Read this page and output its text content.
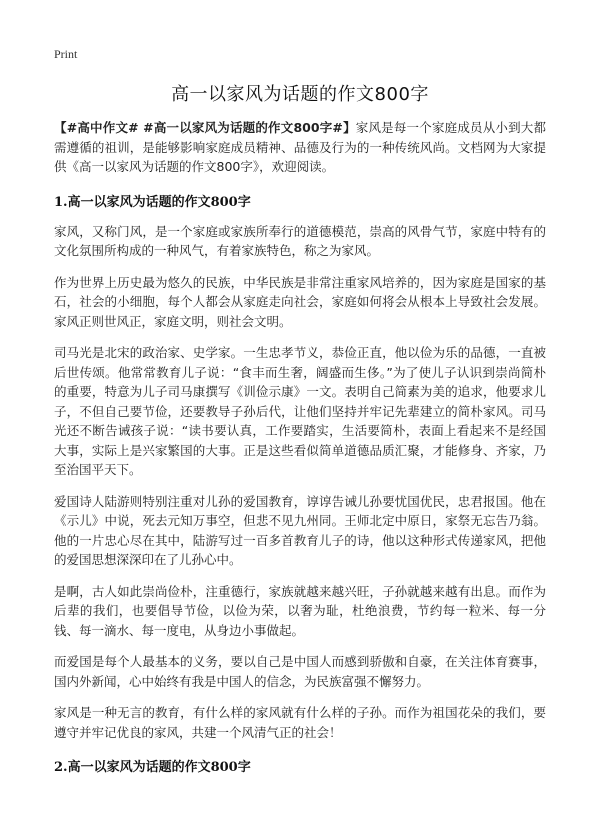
Print
高一以家风为话题的作文800字

【#高中作文# #高一以家风为话题的作文800字#】家风是每一个家庭成员从小到大都需遵循的祖训，是能够影响家庭成员精神、品德及行为的一种传统风尚。文档网为大家提供《高一以家风为话题的作文800字》，欢迎阅读。

1.高一以家风为话题的作文800字

家风，又称门风，是一个家庭或家族所奉行的道德模范，崇高的风骨气节，家庭中特有的文化氛围所构成的一种风气，有着家族特色，称之为家风。

作为世界上历史最为悠久的民族，中华民族是非常注重家风培养的，因为家庭是国家的基石，社会的小细胞，每个人都会从家庭走向社会，家庭如何将会从根本上导致社会发展。家风正则世风正，家庭文明，则社会文明。

司马光是北宋的政治家、史学家。一生忠孝节义，恭俭正直，他以俭为乐的品德，一直被后世传颂。他常常教育儿子说：“食丰而生奢，阔盛而生侈。”为了使儿子认识到崇尚简朴的重要，特意为儿子司马康撰写《训俭示康》一文。表明自己简素为美的追求，他要求儿子，不但自己要节俭，还要教导子孙后代，让他们坚持并牢记先辈建立的简朴家风。司马光还不断告诫孩子说：“读书要认真，工作要踏实，生活要简朴，表面上看起来不是经国大事，实际上是兴家繁国的大事。正是这些看似简单道德品质汇聚，才能修身、齐家，乃至治国平天下。

爱国诗人陆游则特别注重对儿孙的爱国教育，谆谆告诫儿孙要忧国优民，忠君报国。他在《示儿》中说，死去元知万事空，但悲不见九州同。王师北定中原日，家祭无忘告乃翁。他的一片忠心尽在其中，陆游写过一百多首教育儿子的诗，他以这种形式传递家风，把他的爱国思想深深印在了儿孙心中。

是啊，古人如此崇尚俭朴，注重德行，家族就越来越兴旺，子孙就越来越有出息。而作为后辈的我们，也要倡导节俭，以俭为荣，以奢为耻，杜绝浪费，节约每一粒米、每一分钱、每一滴水、每一度电，从身边小事做起。

而爱国是每个人最基本的义务，要以自己是中国人而感到骄傲和自豪，在关注体育赛事，国内外新闻，心中始终有我是中国人的信念，为民族富强不懈努力。

家风是一种无言的教育，有什么样的家风就有什么样的子孙。而作为祖国花朵的我们，要遵守并牢记优良的家风，共建一个风清气正的社会！

2.高一以家风为话题的作文800字
